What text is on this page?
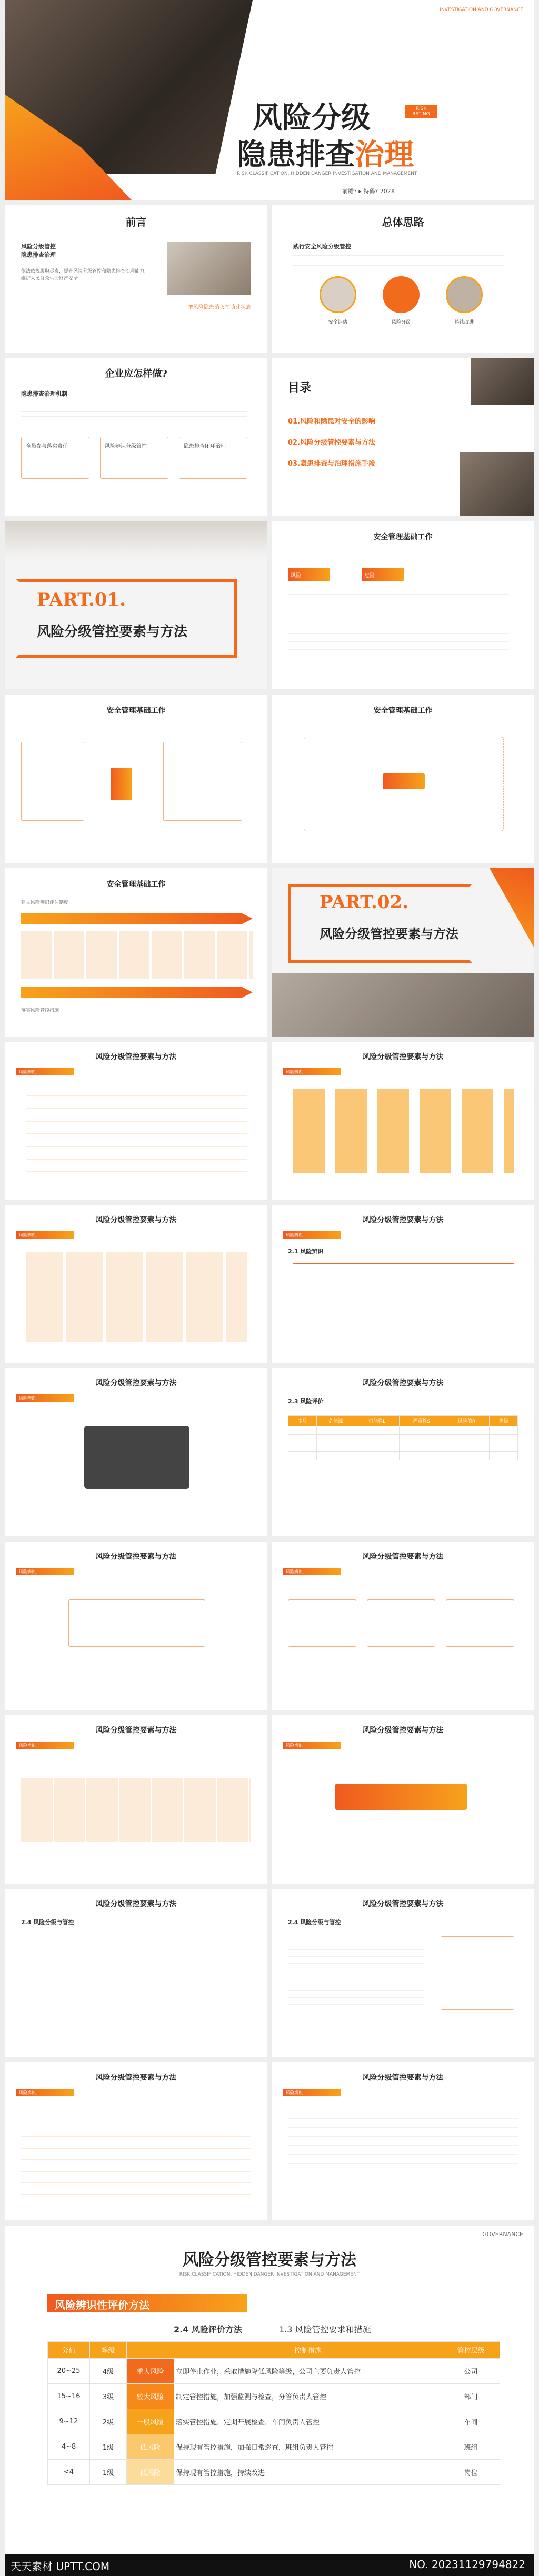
INVESTIGATION AND GOVERNANCE
风险分级	RISK RATING
隐患排查治理
RISK CLASSIFICATION, HIDDEN DANGER INVESTIGATION AND MANAGEMENT
前瞻? ▸ 特码? 202X
前言
风险分级管控
隐患排查治理
依法依规履职尽责，提升风险分级管控和隐患排查治理能力，维护人民群众生命财产安全。
把风险隐患消灭在萌芽状态
总体思路
践行安全风险分级管控
安全评估	风险分级	持续改进
企业应怎样做?
隐患排查治理机制
全员参与落实责任	风险辨识分级管控	隐患排查闭环治理
目录
01.风险和隐患对安全的影响
02.风险分级管控要素与方法
03.隐患排查与治理措施手段
PART.01.
风险分级管控要素与方法
安全管理基础工作
风险	危险
安全管理基础工作	安全管理基础工作
安全管理基础工作
建立风险辨识评估制度
落实风险管控措施
PART.02.
风险分级管控要素与方法
风险分级管控要素与方法
风险辨识
风险分级管控要素与方法
风险辨识
风险分级管控要素与方法
风险辨识
风险分级管控要素与方法
风险辨识
2.1 风险辨识
风险分级管控要素与方法
风险辨识
风险分级管控要素与方法
2.3 风险评价
序号	危险源	可能性L	严重性S	风险值R	等级

风险分级管控要素与方法
风险辨识
风险分级管控要素与方法
风险辨识
风险分级管控要素与方法
风险辨识
风险分级管控要素与方法
风险辨识
风险分级管控要素与方法
2.4 风险分级与管控
风险分级管控要素与方法
2.4 风险分级与管控
风险分级管控要素与方法
风险辨识
风险分级管控要素与方法
风险辨识
GOVERNANCE
风险分级管控要素与方法
RISK CLASSIFICATION, HIDDEN DANGER INVESTIGATION AND MANAGEMENT
风险辨识性评价方法
2.4 风险评价方法	1.3 风险管控要求和措施
分值	等级		控制措施	管控层级
20~25	4级	重大风险	立即停止作业，采取措施降低风险等级，公司主要负责人管控	公司
15~16	3级	较大风险	制定管控措施，加强监测与检查，分管负责人管控	部门
9~12	2级	一般风险	落实管控措施，定期开展检查，车间负责人管控	车间
4~8	1级	低风险	保持现有管控措施，加强日常巡查，班组负责人管控	班组
<4	1级	低风险	保持现有管控措施，持续改进	岗位
天天素材 UPTT.COM	NO. 20231129794822
